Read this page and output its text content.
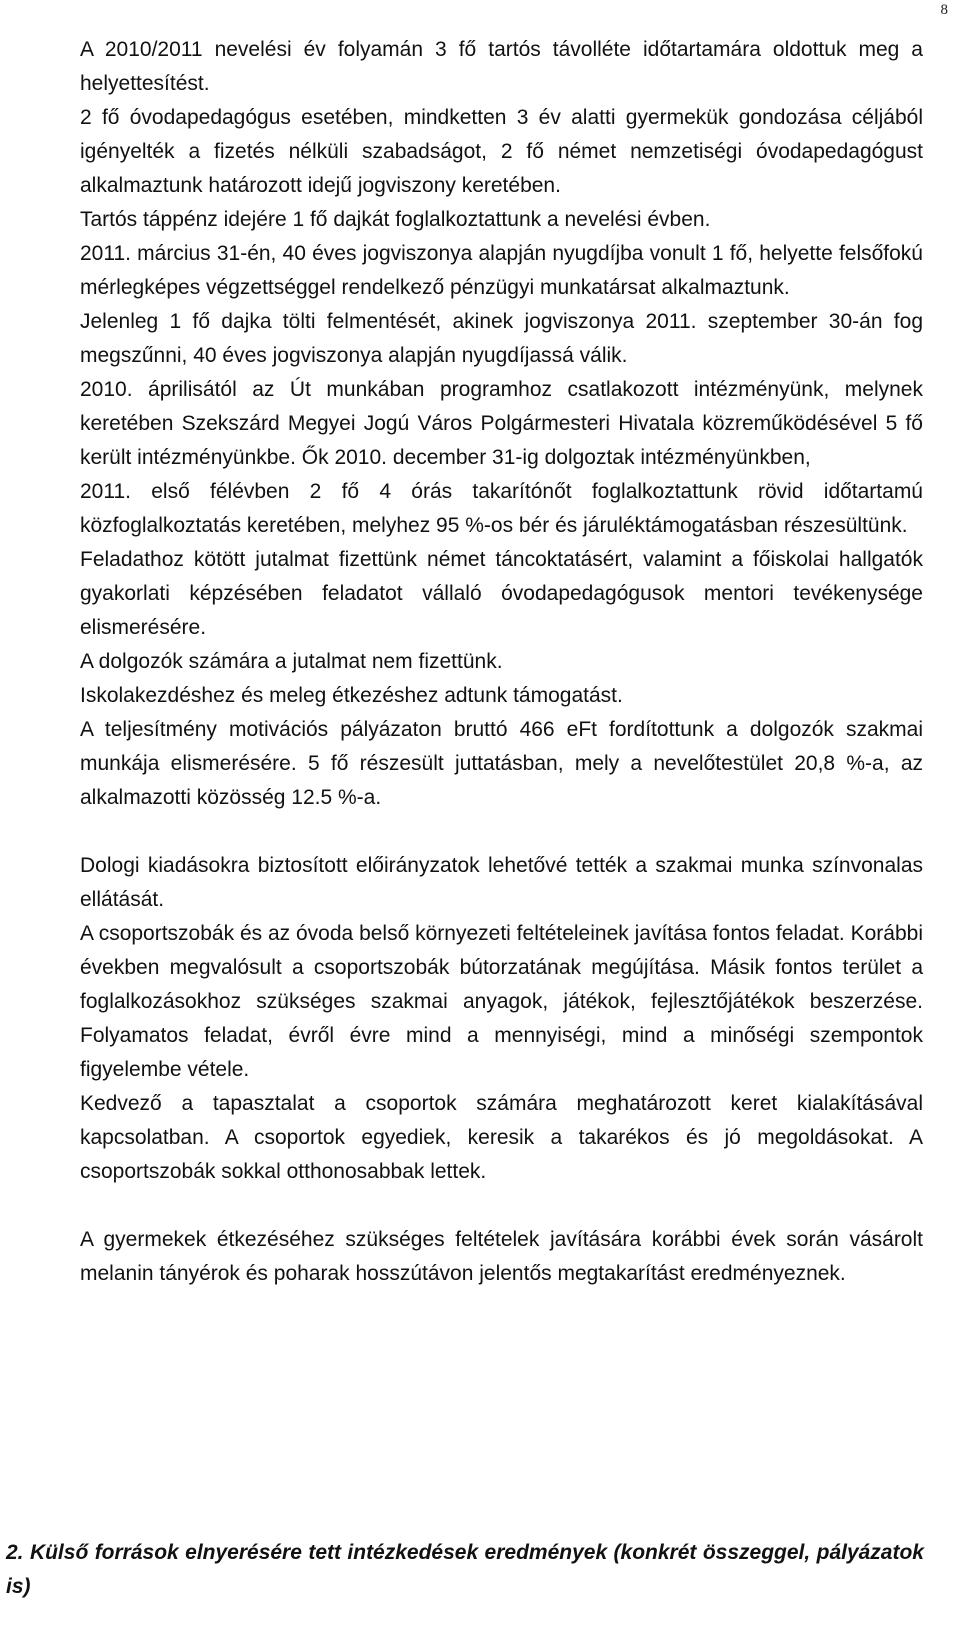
8

A 2010/2011 nevelési év folyamán 3 fő tartós távolléte időtartamára oldottuk meg a helyettesítést.

2 fő óvodapedagógus esetében, mindketten 3 év alatti gyermekük gondozása céljából igényelték a fizetés nélküli szabadságot, 2 fő német nemzetiségi óvodapedagógust alkalmaztunk határozott idejű jogviszony keretében.

Tartós táppénz idejére 1 fő dajkát foglalkoztattunk a nevelési évben.

2011. március 31-én, 40 éves jogviszonya alapján nyugdíjba vonult 1 fő, helyette felsőfokú mérlegképes végzettséggel rendelkező pénzügyi munkatársat alkalmaztunk.

Jelenleg 1 fő dajka tölti felmentését, akinek jogviszonya 2011. szeptember 30-án fog megszűnni, 40 éves jogviszonya alapján nyugdíjassá válik.

2010. áprilisától az Út munkában programhoz csatlakozott intézményünk, melynek keretében Szekszárd Megyei Jogú Város Polgármesteri Hivatala közreműködésével 5 fő került intézményünkbe. Ők 2010. december 31-ig dolgoztak intézményünkben,

2011. első félévben 2 fő 4 órás takarítónőt foglalkoztattunk rövid időtartamú közfoglalkoztatás keretében, melyhez 95 %-os bér és járuléktámogatásban részesültünk.

Feladathoz kötött jutalmat fizettünk német táncoktatásért, valamint a főiskolai hallgatók gyakorlati képzésében feladatot vállaló óvodapedagógusok mentori tevékenysége elismerésére.

A dolgozók számára a jutalmat nem fizettünk.

Iskolakezdéshez és meleg étkezéshez adtunk támogatást.

A teljesítmény motivációs pályázaton bruttó 466 eFt fordítottunk a dolgozók szakmai munkája elismerésére. 5 fő részesült juttatásban, mely a nevelőtestület 20,8 %-a, az alkalmazotti közösség 12.5 %-a.

Dologi kiadásokra biztosított előirányzatok lehetővé tették a szakmai munka színvonalas ellátását.

A csoportszobák és az óvoda belső környezeti feltételeinek javítása fontos feladat. Korábbi években megvalósult a csoportszobák bútorzatának megújítása. Másik fontos terület a foglalkozásokhoz szükséges szakmai anyagok, játékok, fejlesztőjátékok beszerzése. Folyamatos feladat, évről évre mind a mennyiségi, mind a minőségi szempontok figyelembe vétele.

Kedvező a tapasztalat a csoportok számára meghatározott keret kialakításával kapcsolatban. A csoportok egyediek, keresik a takarékos és jó megoldásokat. A csoportszobák sokkal otthonosabbak lettek.

A gyermekek étkezéséhez szükséges feltételek javítására korábbi évek során vásárolt melanin tányérok és poharak hosszútávon jelentős megtakarítást eredményeznek.

2. Külső források elnyerésére tett intézkedések eredmények (konkrét összeggel, pályázatok is)
